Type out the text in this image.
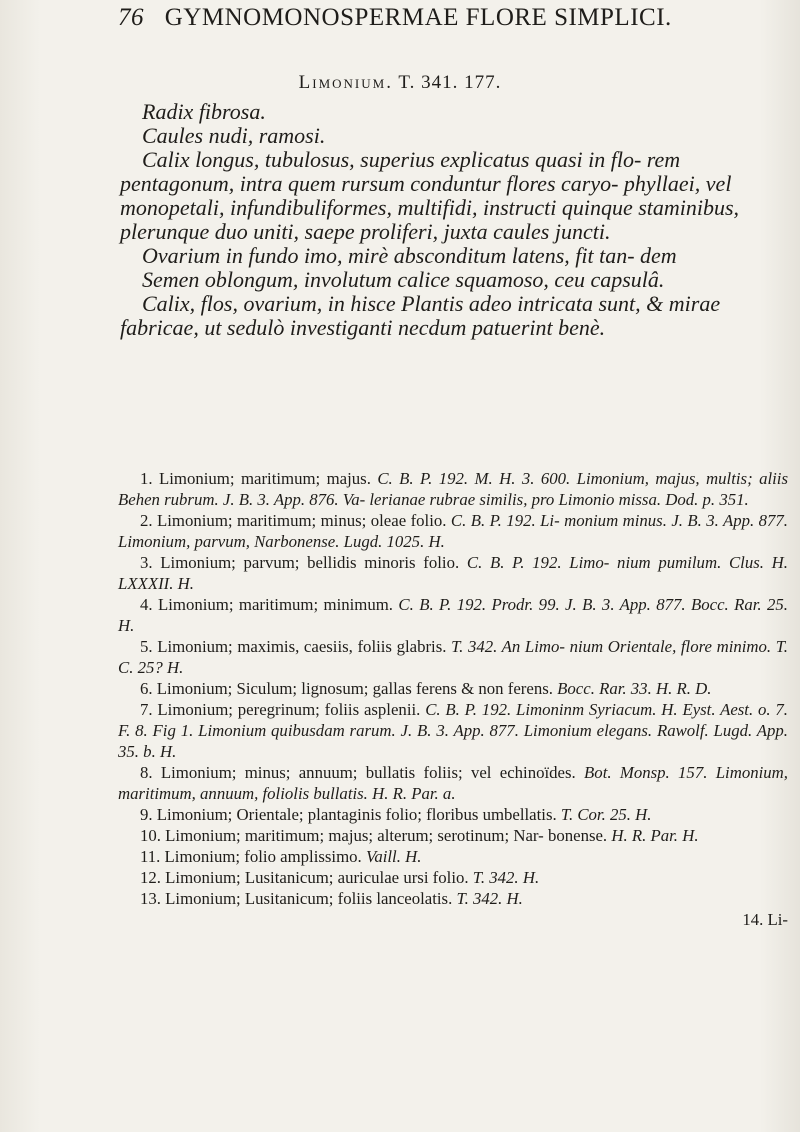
76 GYMNOMONOSPERMAE FLORE SIMPLICI.
Limonium. T. 341. 177.

Radix fibrosa.

Caules nudi, ramosi.

Calix longus, tubulosus, superius explicatus quasi in flo- rem pentagonum, intra quem rursum conduntur flores caryo- phyllaei, vel monopetali, infundibuliformes, multifidi, instructi quinque staminibus, plerunque duo uniti, saepe proliferi, juxta caules juncti.

Ovarium in fundo imo, mirè absconditum latens, fit tan- dem

Semen oblongum, involutum calice squamoso, ceu capsulâ.

Calix, flos, ovarium, in hisce Plantis adeo intricata sunt, & mirae fabricae, ut sedulò investiganti necdum patuerint benè.

1. Limonium; maritimum; majus. C. B. P. 192. M. H. 3. 600. Limonium, majus, multis; aliis Behen rubrum. J. B. 3. App. 876. Va- lerianae rubrae similis, pro Limonio missa. Dod. p. 351.

2. Limonium; maritimum; minus; oleae folio. C. B. P. 192. Li- monium minus. J. B. 3. App. 877. Limonium, parvum, Narbonense. Lugd. 1025. H.

3. Limonium; parvum; bellidis minoris folio. C. B. P. 192. Limo- nium pumilum. Clus. H. LXXXII. H.

4. Limonium; maritimum; minimum. C. B. P. 192. Prodr. 99. J. B. 3. App. 877. Bocc. Rar. 25. H.

5. Limonium; maximis, caesiis, foliis glabris. T. 342. An Limo- nium Orientale, flore minimo. T. C. 25? H.

6. Limonium; Siculum; lignosum; gallas ferens & non ferens. Bocc. Rar. 33. H. R. D.

7. Limonium; peregrinum; foliis asplenii. C. B. P. 192. Limoninm Syriacum. H. Eyst. Aest. o. 7. F. 8. Fig 1. Limonium quibusdam rarum. J. B. 3. App. 877. Limonium elegans. Rawolf. Lugd. App. 35. b. H.

8. Limonium; minus; annuum; bullatis foliis; vel echinoïdes. Bot. Monsp. 157. Limonium, maritimum, annuum, foliolis bullatis. H. R. Par. a.

9. Limonium; Orientale; plantaginis folio; floribus umbellatis. T. Cor. 25. H.

10. Limonium; maritimum; majus; alterum; serotinum; Nar- bonense. H. R. Par. H.

11. Limonium; folio amplissimo. Vaill. H.

12. Limonium; Lusitanicum; auriculae ursi folio. T. 342. H.

13. Limonium; Lusitanicum; foliis lanceolatis. T. 342. H.

14. Li-
